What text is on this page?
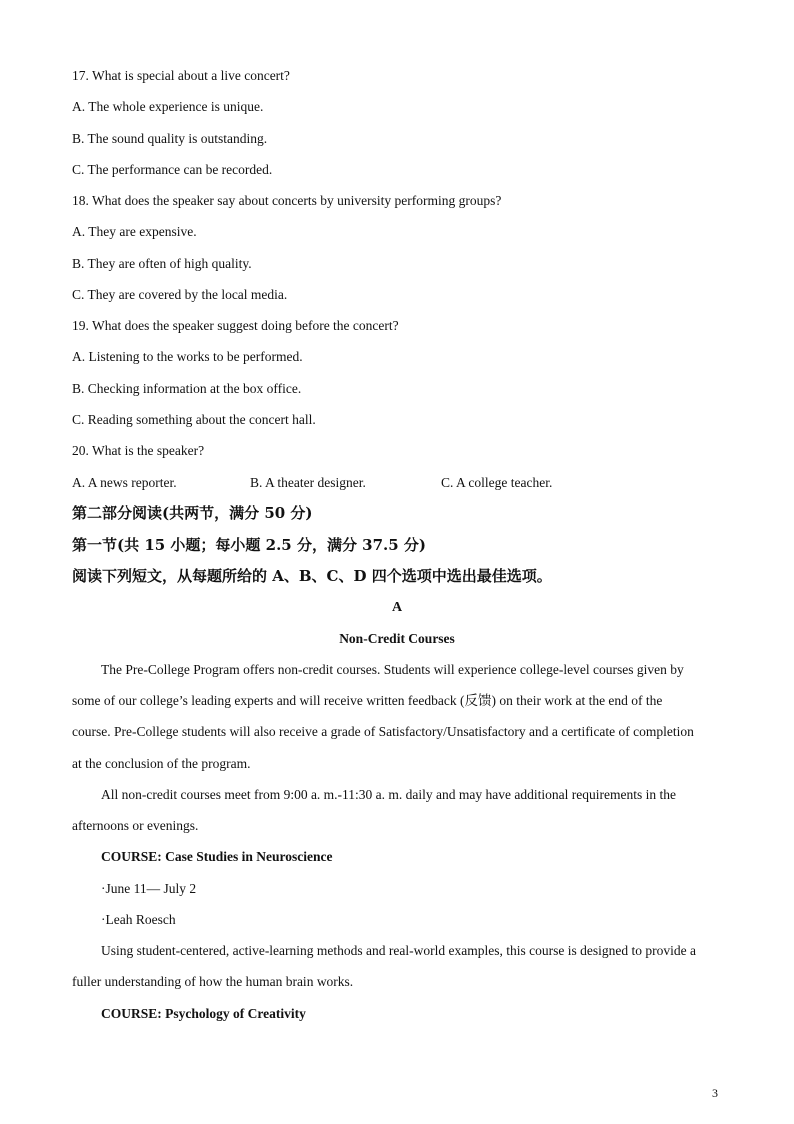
17. What is special about a live concert?
A. The whole experience is unique.
B. The sound quality is outstanding.
C. The performance can be recorded.
18. What does the speaker say about concerts by university performing groups?
A. They are expensive.
B. They are often of high quality.
C. They are covered by the local media.
19. What does the speaker suggest doing before the concert?
A. Listening to the works to be performed.
B. Checking information at the box office.
C. Reading something about the concert hall.
20. What is the speaker?
A. A news reporter.	B. A theater designer.	C. A college teacher.
第二部分阅读(共两节，满分 50 分)
第一节(共 15 小题；每小题 2.5 分，满分 37.5 分)
阅读下列短文，从每题所给的 A、B、C、D 四个选项中选出最佳选项。
A
Non-Credit Courses
The Pre-College Program offers non-credit courses. Students will experience college-level courses given by
some of our college’s leading experts and will receive written feedback (反馈) on their work at the end of the
course. Pre-College students will also receive a grade of Satisfactory/Unsatisfactory and a certificate of completion
at the conclusion of the program.
All non-credit courses meet from 9:00 a. m.-11:30 a. m. daily and may have additional requirements in the
afternoons or evenings.
COURSE: Case Studies in Neuroscience
·June 11— July 2
·Leah Roesch
Using student-centered, active-learning methods and real-world examples, this course is designed to provide a
fuller understanding of how the human brain works.
COURSE: Psychology of Creativity
3
